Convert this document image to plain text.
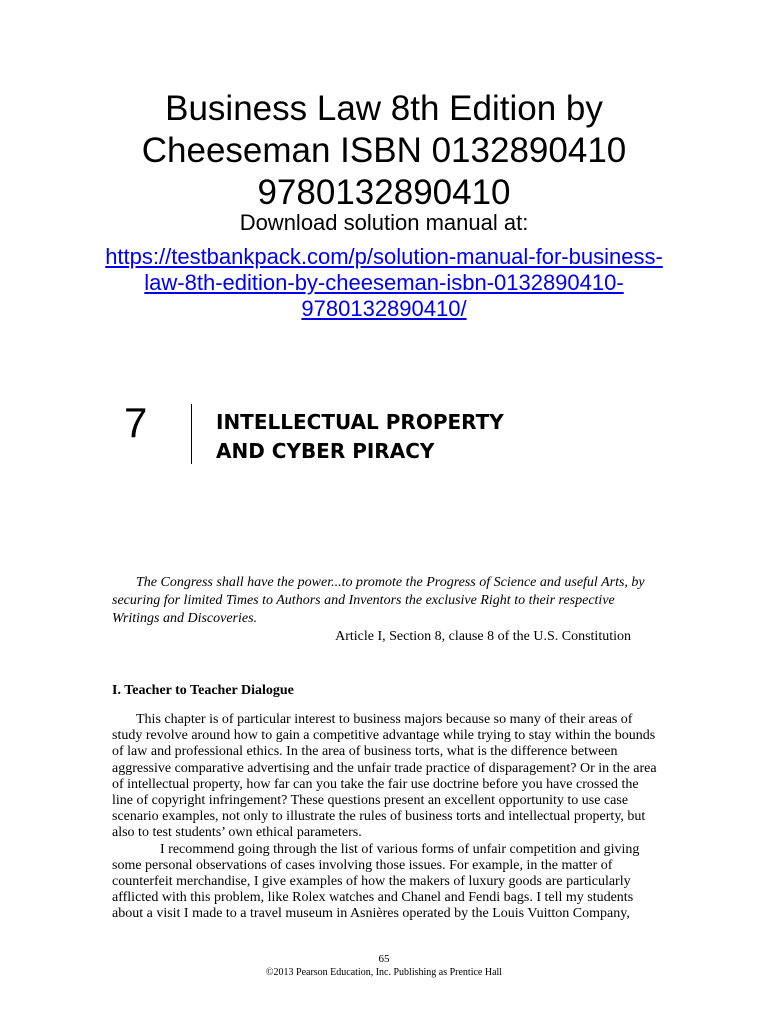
Business Law 8th Edition by
Cheeseman ISBN 0132890410
9780132890410
Download solution manual at:
https://testbankpack.com/p/solution-manual-for-business-
law-8th-edition-by-cheeseman-isbn-0132890410-
9780132890410/
7	INTELLECTUAL PROPERTY
AND CYBER PIRACY

The Congress shall have the power...to promote the Progress of Science and useful Arts, by securing for limited Times to Authors and Inventors the exclusive Right to their respective Writings and Discoveries.

Article I, Section 8, clause 8 of the U.S. Constitution

I. Teacher to Teacher Dialogue

This chapter is of particular interest to business majors because so many of their areas of study revolve around how to gain a competitive advantage while trying to stay within the bounds of law and professional ethics. In the area of business torts, what is the difference between aggressive comparative advertising and the unfair trade practice of disparagement? Or in the area of intellectual property, how far can you take the fair use doctrine before you have crossed the line of copyright infringement? These questions present an excellent opportunity to use case scenario examples, not only to illustrate the rules of business torts and intellectual property, but also to test students’ own ethical parameters.

I recommend going through the list of various forms of unfair competition and giving some personal observations of cases involving those issues. For example, in the matter of counterfeit merchandise, I give examples of how the makers of luxury goods are particularly afflicted with this problem, like Rolex watches and Chanel and Fendi bags. I tell my students about a visit I made to a travel museum in Asnières operated by the Louis Vuitton Company,

65
©2013 Pearson Education, Inc. Publishing as Prentice Hall
